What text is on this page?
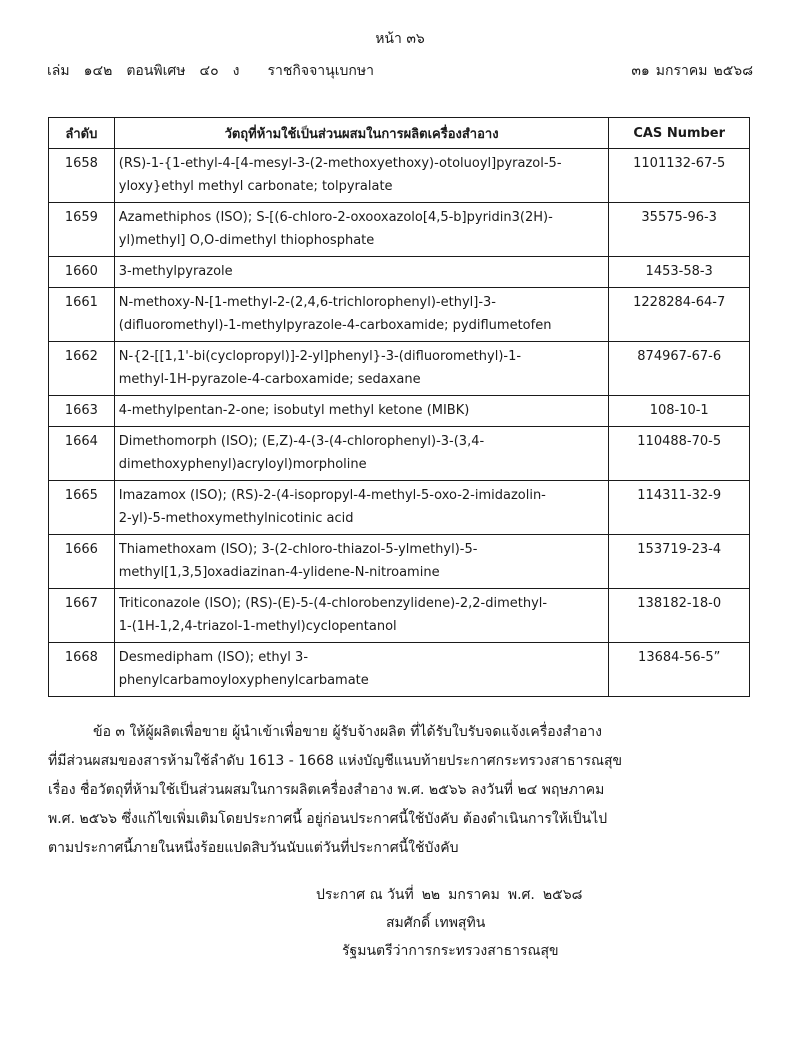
หน้า ๓๖
เล่ม ๑๔๒ ตอนพิเศษ ๔๐ ง ราชกิจจานุเบกษา	๓๑ มกราคม ๒๕๖๘
ลำดับ	วัตถุที่ห้ามใช้เป็นส่วนผสมในการผลิตเครื่องสำอาง	CAS Number
1658	(RS)-1-{1-ethyl-4-[4-mesyl-3-(2-methoxyethoxy)-otoluoyl]pyrazol-5-
yloxy}ethyl methyl carbonate; tolpyralate	1101132-67-5
1659	Azamethiphos (ISO); S-[(6-chloro-2-oxooxazolo[4,5-b]pyridin3(2H)-
yl)methyl] O,O-dimethyl thiophosphate	35575-96-3
1660	3-methylpyrazole	1453-58-3
1661	N-methoxy-N-[1-methyl-2-(2,4,6-trichlorophenyl)-ethyl]-3-
(difluoromethyl)-1-methylpyrazole-4-carboxamide; pydiflumetofen	1228284-64-7
1662	N-{2-[[1,1'-bi(cyclopropyl)]-2-yl]phenyl}-3-(difluoromethyl)-1-
methyl-1H-pyrazole-4-carboxamide; sedaxane	874967-67-6
1663	4-methylpentan-2-one; isobutyl methyl ketone (MIBK)	108-10-1
1664	Dimethomorph (ISO); (E,Z)-4-(3-(4-chlorophenyl)-3-(3,4-
dimethoxyphenyl)acryloyl)morpholine	110488-70-5
1665	Imazamox (ISO); (RS)-2-(4-isopropyl-4-methyl-5-oxo-2-imidazolin-
2-yl)-5-methoxymethylnicotinic acid	114311-32-9
1666	Thiamethoxam (ISO); 3-(2-chloro-thiazol-5-ylmethyl)-5-
methyl[1,3,5]oxadiazinan-4-ylidene-N-nitroamine	153719-23-4
1667	Triticonazole (ISO); (RS)-(E)-5-(4-chlorobenzylidene)-2,2-dimethyl-
1-(1H-1,2,4-triazol-1-methyl)cyclopentanol	138182-18-0
1668	Desmedipham (ISO); ethyl 3-
phenylcarbamoyloxyphenylcarbamate	13684-56-5”
ข้อ ๓ ให้ผู้ผลิตเพื่อขาย ผู้นำเข้าเพื่อขาย ผู้รับจ้างผลิต ที่ได้รับใบรับจดแจ้งเครื่องสำอาง
ที่มีส่วนผสมของสารห้ามใช้ลำดับ 1613 - 1668 แห่งบัญชีแนบท้ายประกาศกระทรวงสาธารณสุข
เรื่อง ชื่อวัตถุที่ห้ามใช้เป็นส่วนผสมในการผลิตเครื่องสำอาง พ.ศ. ๒๕๖๖ ลงวันที่ ๒๔ พฤษภาคม
พ.ศ. ๒๕๖๖ ซึ่งแก้ไขเพิ่มเติมโดยประกาศนี้ อยู่ก่อนประกาศนี้ใช้บังคับ ต้องดำเนินการให้เป็นไป
ตามประกาศนี้ภายในหนึ่งร้อยแปดสิบวันนับแต่วันที่ประกาศนี้ใช้บังคับ
ประกาศ ณ วันที่ ๒๒ มกราคม พ.ศ. ๒๕๖๘
สมศักดิ์ เทพสุทิน
รัฐมนตรีว่าการกระทรวงสาธารณสุข
